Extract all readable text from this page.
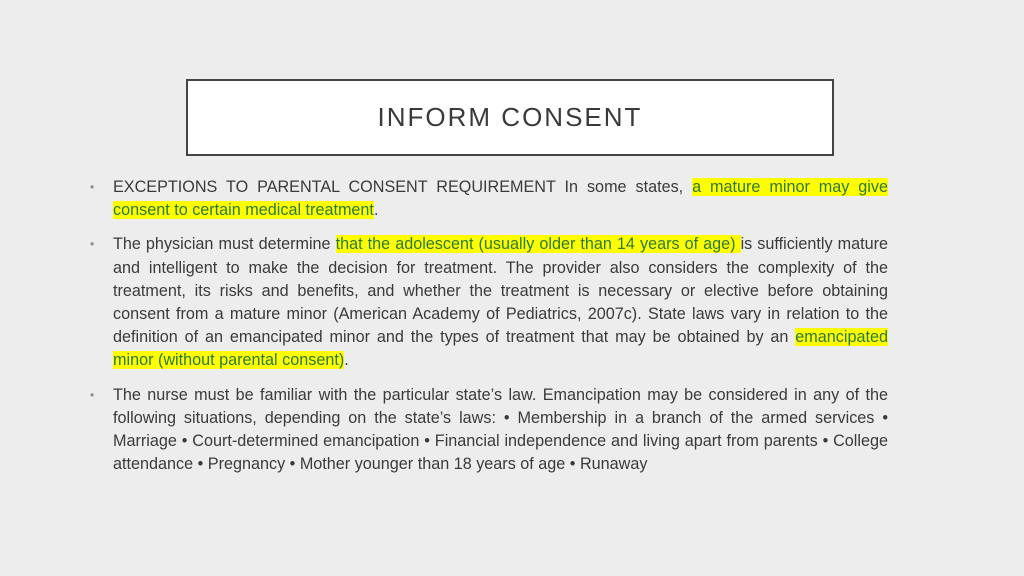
INFORM CONSENT
•	EXCEPTIONS TO PARENTAL CONSENT REQUIREMENT In some states, a mature minor may give consent to certain medical treatment.

•	The physician must determine that the adolescent (usually older than 14 years of age) is sufficiently mature and intelligent to make the decision for treatment. The provider also considers the complexity of the treatment, its risks and benefits, and whether the treatment is necessary or elective before obtaining consent from a mature minor (American Academy of Pediatrics, 2007c). State laws vary in relation to the definition of an emancipated minor and the types of treatment that may be obtained by an emancipated minor (without parental consent).

•	The nurse must be familiar with the particular state’s law. Emancipation may be considered in any of the following situations, depending on the state’s laws: • Membership in a branch of the armed services • Marriage • Court-determined emancipation • Financial independence and living apart from parents • College attendance • Pregnancy • Mother younger than 18 years of age • Runaway
